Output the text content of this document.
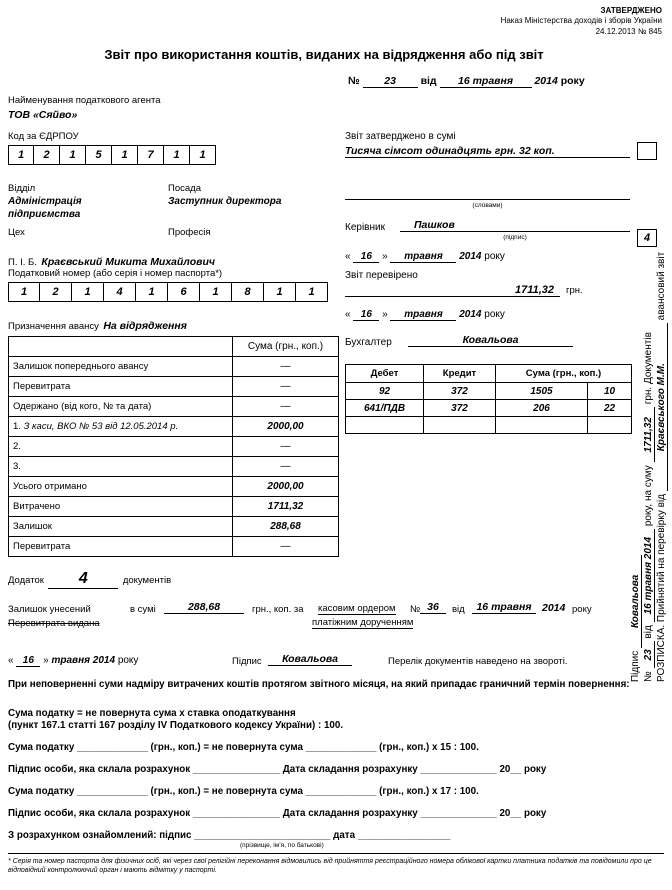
ЗАТВЕРДЖЕНО
Наказ Міністерства доходів і зборів України
24.12.2013 № 845
Звіт про використання коштів, виданих на відрядження або під звіт
№ 23 від 16 травня 2014 року
Найменування податкового агента
ТОВ «Сяйво»
Код за ЄДРПОУ
1	2	1	5	1	7	1	1
Відділ	Посада
Адміністрація підприємства
Заступник директора
Цех	Професія
П. І. Б. Краєвський Микита Михайлович
Податковий номер (або серія і номер паспорта*)
1	2	1	4	1	6	1	8	1	1
Призначення авансу На відрядження
	Сума (грн., коп.)
Залишок попереднього авансу	—
Перевитрата	—
Одержано (від кого, № та дата)	—
1. З каси, ВКО № 53 від 12.05.2014 р.	2000,00
2.	—
3.	—
Усього отримано	2000,00
Витрачено	1711,32
Залишок	288,68
Перевитрата	—
Додаток 4	документів
Залишок унесений
Перевитрата видана
в сумі	288,68	грн., коп. за касовим ордером
платіжним дорученням
№ 36	від	16 травня 2014 року
« 16 » травня 2014 року	Підпис	Ковальова	Перелік документів наведено на звороті.
Звіт затверджено в сумі
Тисяча сімсот одинадцять грн. 32 коп.
(словами)
Керівник	Пашков
(підпис)
« 16 » травня 2014 року
Звіт перевірено
1711,32	грн.
« 16 » травня 2014 року
Бухгалтер	Ковальова
Дебет	Кредит	Сума (грн., коп.)	
92	372	1505	10
641/ПДВ	372	206	22

При неповерненні суми надміру витрачених коштів протягом звітного місяця, на який припадає граничний термін повернення:
Сума податку = не повернута сума х ставка оподаткування
(пункт 167.1 статті 167 розділу IV Податкового кодексу України) : 100.
Сума податку _____________ (грн., коп.) = не повернута сума _____________ (грн., коп.) х 15 : 100.
Підпис особи, яка склала розрахунок ________________ Дата складання розрахунку ______________ 20__ року
Сума податку _____________ (грн., коп.) = не повернута сума _____________ (грн., коп.) х 17 : 100.
Підпис особи, яка склала розрахунок ________________ Дата складання розрахунку ______________ 20__ року
З розрахунком ознайомлений: підпис _________________________ дата _________________
(прізвище, ім’я, по батькові)
* Серія та номер паспорта для фізичних осіб, які через свої релігійні переконання відмовились від прийняття реєстраційного номера облікової картки платника податків та повідомили про це відповідний контролюючий орган і мають відмітку у паспорті.
РОЗПИСКА. Прийнятий на перевірку від Краєвського М.М. авансовий звіт
№ 23 від 16 травня 2014 року, на суму 1711,32 грн. Документів
Підпис Ковальова
4
